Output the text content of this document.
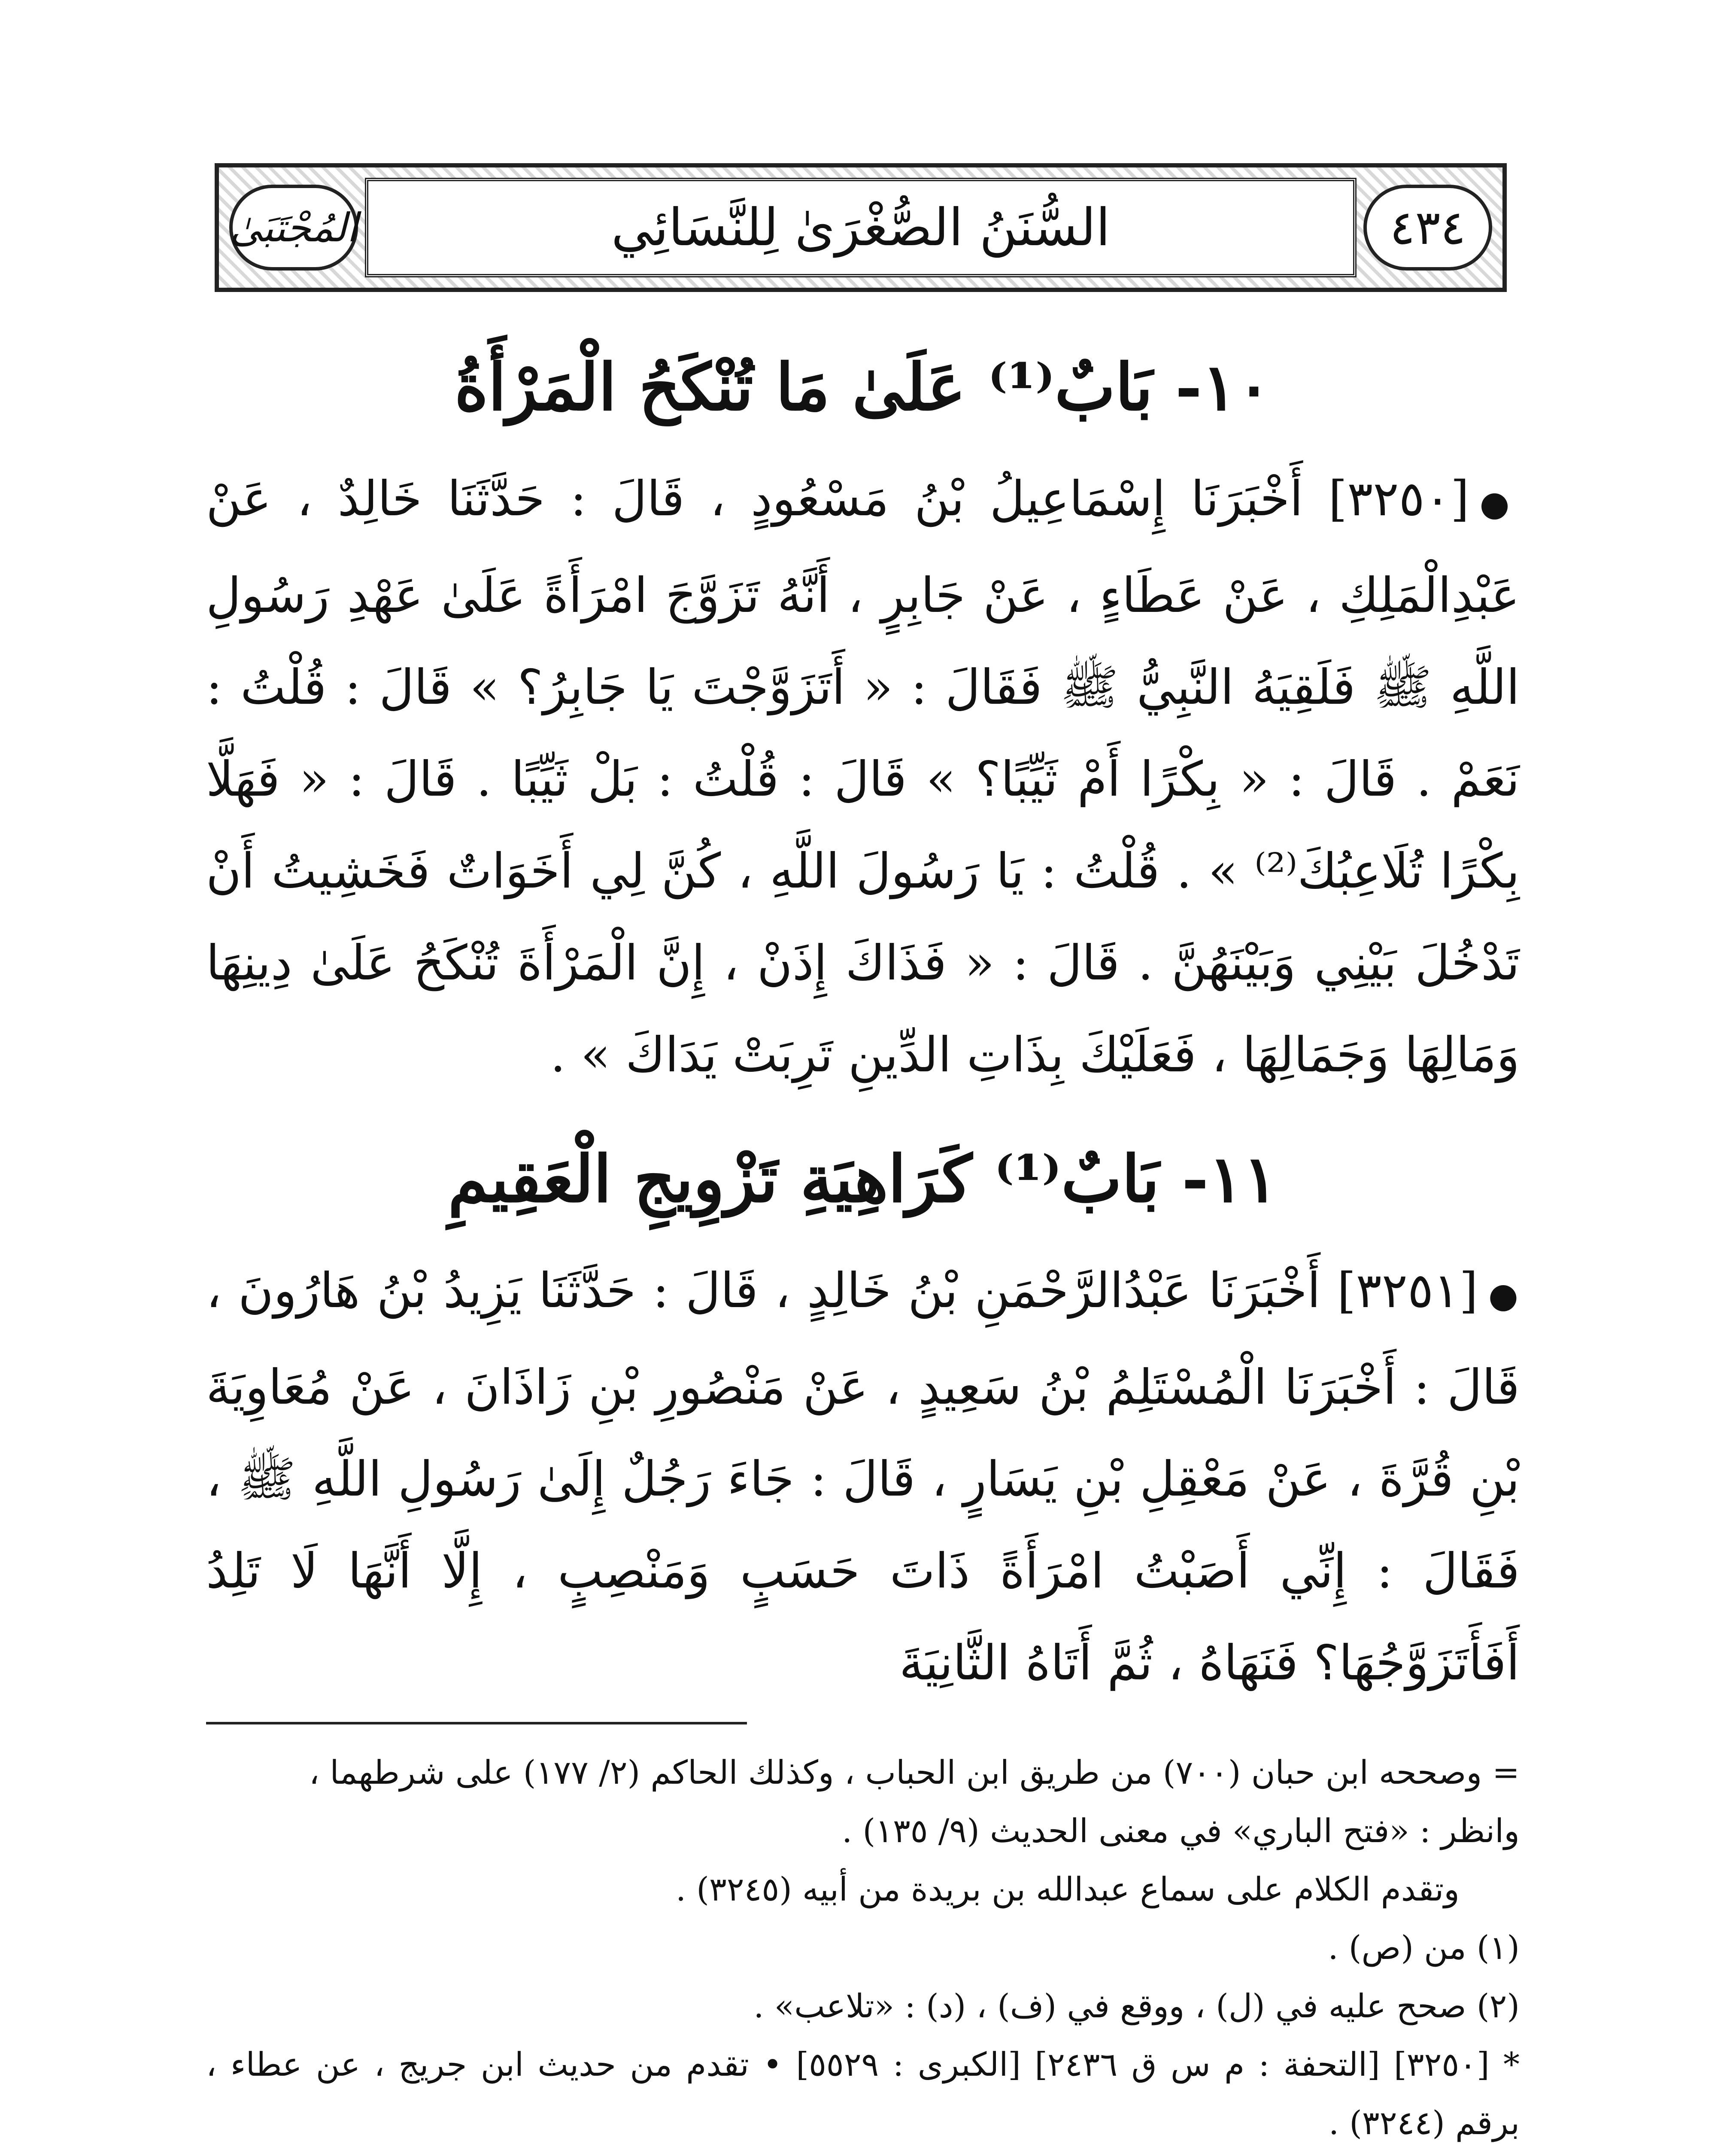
المُجْتَبَىٰ	السُّنَنُ الصُّغْرَىٰ لِلنَّسَائِي	٤٣٤
١٠- بَابٌ⁽¹⁾ عَلَىٰ مَا تُنْكَحُ الْمَرْأَةُ

●[٣٢٥٠] أَخْبَرَنَا إِسْمَاعِيلُ بْنُ مَسْعُودٍ ، قَالَ : حَدَّثَنَا خَالِدٌ ، عَنْ عَبْدِالْمَلِكِ ، عَنْ عَطَاءٍ ، عَنْ جَابِرٍ ، أَنَّهُ تَزَوَّجَ امْرَأَةً عَلَىٰ عَهْدِ رَسُولِ اللَّهِ ﷺ فَلَقِيَهُ النَّبِيُّ ﷺ فَقَالَ : « أَتَزَوَّجْتَ يَا جَابِرُ؟ » قَالَ : قُلْتُ : نَعَمْ . قَالَ : « بِكْرًا أَمْ ثَيِّبًا؟ » قَالَ : قُلْتُ : بَلْ ثَيِّبًا . قَالَ : « فَهَلَّا بِكْرًا تُلَاعِبُكَ⁽²⁾ » . قُلْتُ : يَا رَسُولَ اللَّهِ ، كُنَّ لِي أَخَوَاتٌ فَخَشِيتُ أَنْ تَدْخُلَ بَيْنِي وَبَيْنَهُنَّ . قَالَ : « فَذَاكَ إِذَنْ ، إِنَّ الْمَرْأَةَ تُنْكَحُ عَلَىٰ دِينِهَا وَمَالِهَا وَجَمَالِهَا ، فَعَلَيْكَ بِذَاتِ الدِّينِ تَرِبَتْ يَدَاكَ » .

١١- بَابٌ⁽¹⁾ كَرَاهِيَةِ تَزْوِيجِ الْعَقِيمِ

●[٣٢٥١] أَخْبَرَنَا عَبْدُالرَّحْمَنِ بْنُ خَالِدٍ ، قَالَ : حَدَّثَنَا يَزِيدُ بْنُ هَارُونَ ، قَالَ : أَخْبَرَنَا الْمُسْتَلِمُ بْنُ سَعِيدٍ ، عَنْ مَنْصُورِ بْنِ زَاذَانَ ، عَنْ مُعَاوِيَةَ بْنِ قُرَّةَ ، عَنْ مَعْقِلِ بْنِ يَسَارٍ ، قَالَ : جَاءَ رَجُلٌ إِلَىٰ رَسُولِ اللَّهِ ﷺ ، فَقَالَ : إِنِّي أَصَبْتُ امْرَأَةً ذَاتَ حَسَبٍ وَمَنْصِبٍ ، إِلَّا أَنَّهَا لَا تَلِدُ أَفَأَتَزَوَّجُهَا؟ فَنَهَاهُ ، ثُمَّ أَتَاهُ الثَّانِيَةَ

= وصححه ابن حبان (٧٠٠) من طريق ابن الحباب ، وكذلك الحاكم (٢/ ١٧٧) على شرطهما ،

وانظر : «فتح الباري» في معنى الحديث (٩/ ١٣٥) .

وتقدم الكلام على سماع عبدالله بن بريدة من أبيه (٣٢٤٥) .

(١) من (ص) .

(٢) صحح عليه في (ل) ، ووقع في (ف) ، (د) : «تلاعب» .

* [٣٢٥٠] [التحفة : م س ق ٢٤٣٦] [الكبرى : ٥٥٢٩] • تقدم من حديث ابن جريج ، عن عطاء ، برقم (٣٢٤٤) .
